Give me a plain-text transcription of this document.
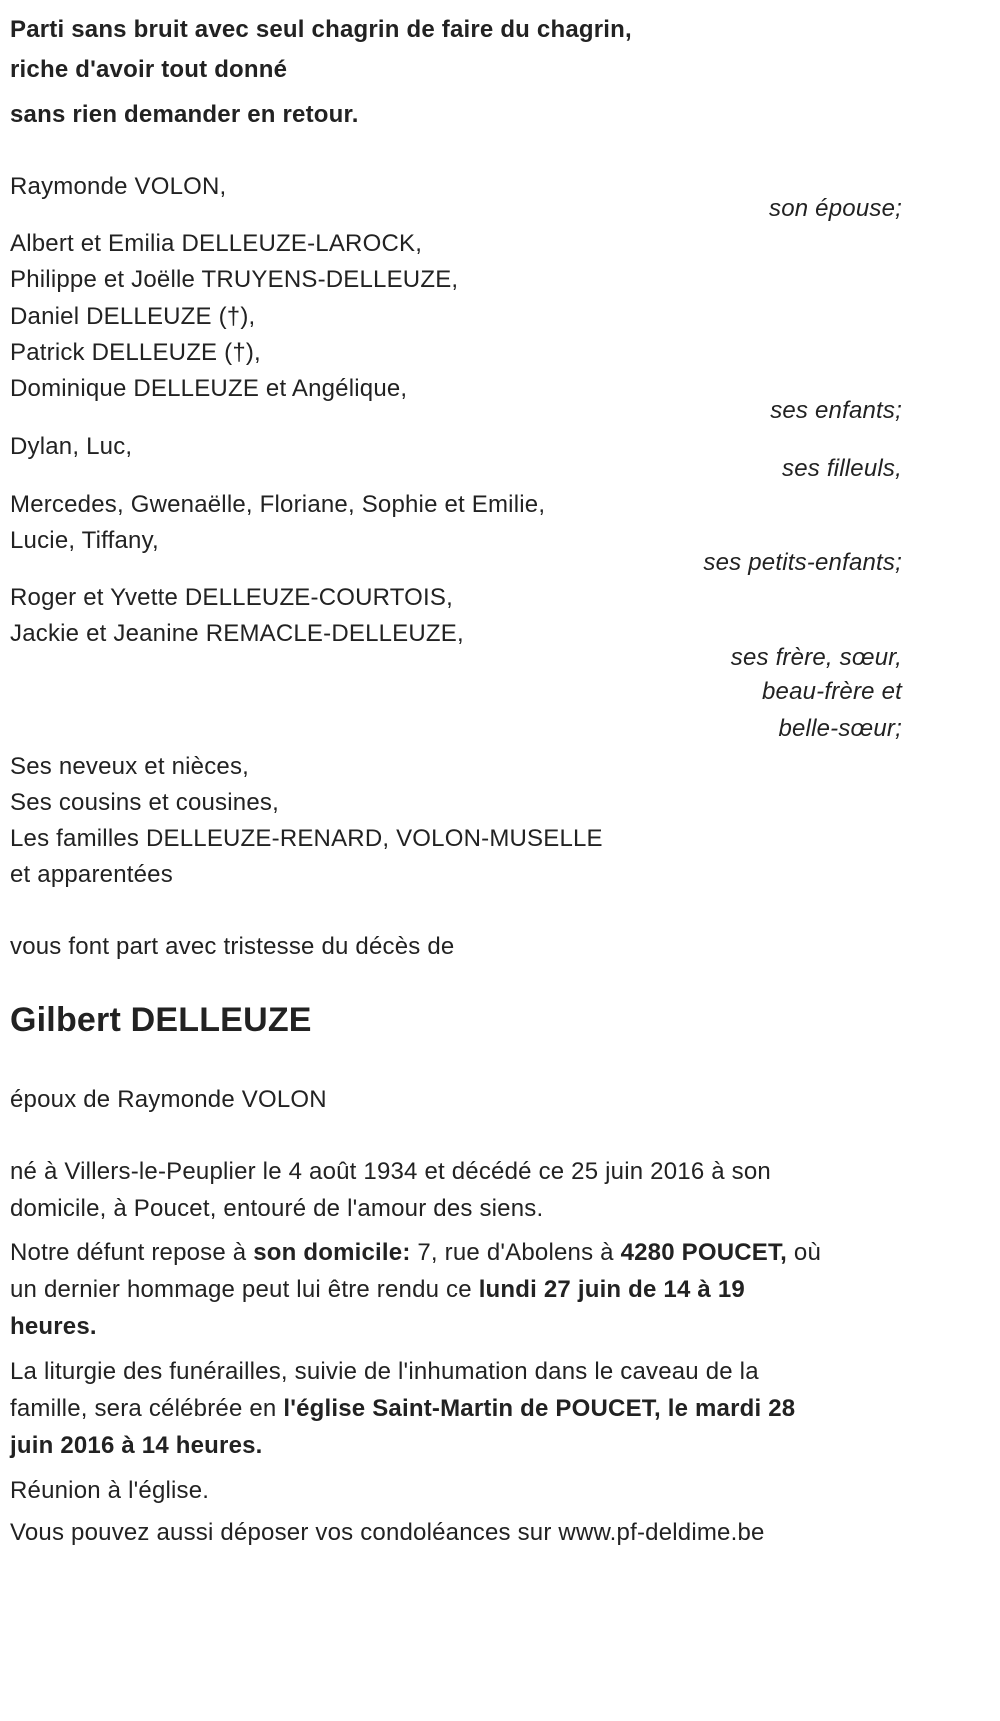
Parti sans bruit avec seul chagrin de faire du chagrin,
riche d'avoir tout donné
sans rien demander en retour.
Raymonde VOLON,
son épouse;
Albert et Emilia DELLEUZE-LAROCK,
Philippe et Joëlle TRUYENS-DELLEUZE,
Daniel DELLEUZE (†),
Patrick DELLEUZE (†),
Dominique DELLEUZE et Angélique,
ses enfants;
Dylan, Luc,
ses filleuls,
Mercedes, Gwenaëlle, Floriane, Sophie et Emilie,
Lucie, Tiffany,
ses petits-enfants;
Roger et Yvette DELLEUZE-COURTOIS,
Jackie et Jeanine REMACLE-DELLEUZE,
ses frère, sœur,
beau-frère et
belle-sœur;
Ses neveux et nièces,
Ses cousins et cousines,
Les familles DELLEUZE-RENARD, VOLON-MUSELLE
et apparentées
vous font part avec tristesse du décès de
Gilbert DELLEUZE
époux de Raymonde VOLON
né à Villers-le-Peuplier le 4 août 1934 et décédé ce 25 juin 2016 à son
domicile, à Poucet, entouré de l'amour des siens.
Notre défunt repose à son domicile: 7, rue d'Abolens à 4280 POUCET, où
un dernier hommage peut lui être rendu ce lundi 27 juin de 14 à 19
heures.
La liturgie des funérailles, suivie de l'inhumation dans le caveau de la
famille, sera célébrée en l'église Saint-Martin de POUCET, le mardi 28
juin 2016 à 14 heures.
Réunion à l'église.
Vous pouvez aussi déposer vos condoléances sur www.pf-deldime.be
